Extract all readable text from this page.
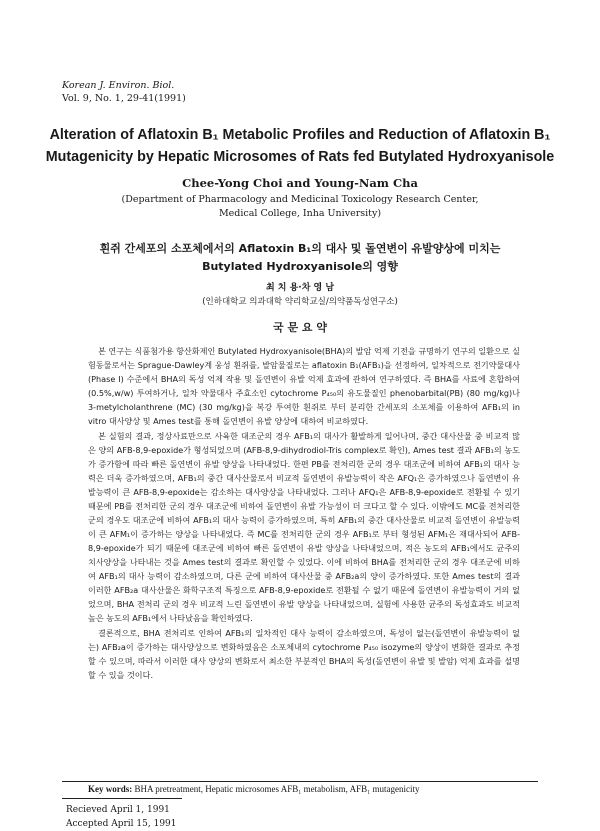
Korean J. Environ. Biol.
Vol. 9, No. 1, 29-41(1991)
Alteration of Aflatoxin B₁ Metabolic Profiles and Reduction of Aflatoxin B₁
Mutagenicity by Hepatic Microsomes of Rats fed Butylated Hydroxyanisole
Chee-Yong Choi and Young-Nam Cha
(Department of Pharmacology and Medicinal Toxicology Research Center,
Medical College, Inha University)
흰쥐 간세포의 소포체에서의 Aflatoxin B₁의 대사 및 돌연변이 유발양상에 미치는
Butylated Hydroxyanisole의 영향
최 치 용·차 영 남
(인하대학교 의과대학 약리학교실/의약품독성연구소)
국 문 요 약

본 연구는 식품첨가용 항산화제인 Butylated Hydroxyanisole(BHA)의 발암 억제 기전을 규명하기 연구의 일환으로 실험동물로서는 Sprague-Dawley계 웅성 흰쥐를, 발암물질로는 aflatoxin B₁(AFB₁)을 선정하여, 일차적으로 전기약물대사(Phase I) 수준에서 BHA의 독성 억제 작용 및 돌연변이 유발 억제 효과에 관하여 연구하였다. 즉 BHA를 사료에 혼합하여 (0.5%,w/w) 투여하거나, 일차 약물대사 주효소인 cytochrome P₄₅₀의 유도물질인 phenobarbital(PB) (80 mg/kg)나 3-metylcholanthrene (MC) (30 mg/kg)을 복강 투여한 흰쥐로 부터 분리한 간세포의 소포체를 이용하여 AFB₁의 in vitro 대사양상 및 Ames test를 통해 돌연변이 유발 양상에 대하여 비교하였다.

본 실험의 결과, 정상사료만으로 사육한 대조군의 경우 AFB₁의 대사가 활발하게 일어나며, 중간 대사산물 중 비교적 많은 양의 AFB-8,9-epoxide가 형성되었으며 (AFB-8,9-dihydrodiol-Tris complex로 확인), Ames test 결과 AFB₁의 농도가 증가함에 따라 빠른 돌연변이 유발 양상을 나타내었다. 한편 PB를 전처리한 군의 경우 대조군에 비하여 AFB₁의 대사 능력은 더욱 증가하였으며, AFB₁의 중간 대사산물로서 비교적 돌연변이 유발능력이 작은 AFQ₁은 증가하였으나 돌연변이 유발능력이 큰 AFB-8,9-epoxide는 감소하는 대사양상을 나타내었다. 그러나 AFQ₁은 AFB-8,9-epoxide로 전환될 수 있기 때문에 PB를 전처리한 군의 경우 대조군에 비하여 돌연변이 유발 가능성이 더 크다고 할 수 있다. 이밖에도 MC를 전처리한 군의 경우도 대조군에 비하여 AFB₁의 대사 능력이 증가하였으며, 특히 AFB₁의 중간 대사산물로 비교적 돌연변이 유발능력이 큰 AFM₁이 증가하는 양상을 나타내었다. 즉 MC를 전처리한 군의 경우 AFB₁로 부터 형성된 AFM₁은 재대사되어 AFB-8,9-epoxide가 되기 때문에 대조군에 비하여 빠른 돌연변이 유발 양상을 나타내었으며, 적은 농도의 AFB₁에서도 균주의 치사양상을 나타내는 것을 Ames test의 결과로 확인할 수 있었다. 이에 비하여 BHA를 전처리한 군의 경우 대조군에 비하여 AFB₁의 대사 능력이 감소하였으며, 다른 군에 비하여 대사산물 중 AFB₂a의 양이 증가하였다. 또한 Ames test의 결과 이러한 AFB₂a 대사산물은 화학구조적 특징으로 AFB-8,9-epoxide로 전환될 수 없기 때문에 돌연변이 유발능력이 거의 없었으며, BHA 전처리 군의 경우 비교적 느린 돌연변이 유발 양상을 나타내었으며, 실험에 사용한 균주의 독성효과도 비교적 높은 농도의 AFB₁에서 나타났음을 확인하였다.

결론적으로, BHA 전처리로 인하여 AFB₁의 일차적인 대사 능력이 감소하였으며, 독성이 없는(돌연변이 유발능력이 없는) AFB₂a이 증가하는 대사양상으로 변화하였음은 소포체내의 cytochrome P₄₅₀ isozyme의 양상이 변화한 결과로 추정할 수 있으며, 따라서 이러한 대사 양상의 변화로서 최소한 부분적인 BHA의 독성(돌연변이 유발 및 발암) 억제 효과를 설명할 수 있을 것이다.

Key words: BHA pretreatment, Hepatic microsomes AFB₁ metabolism, AFB₁ mutagenicity
Recieved April 1, 1991
Accepted April 15, 1991
